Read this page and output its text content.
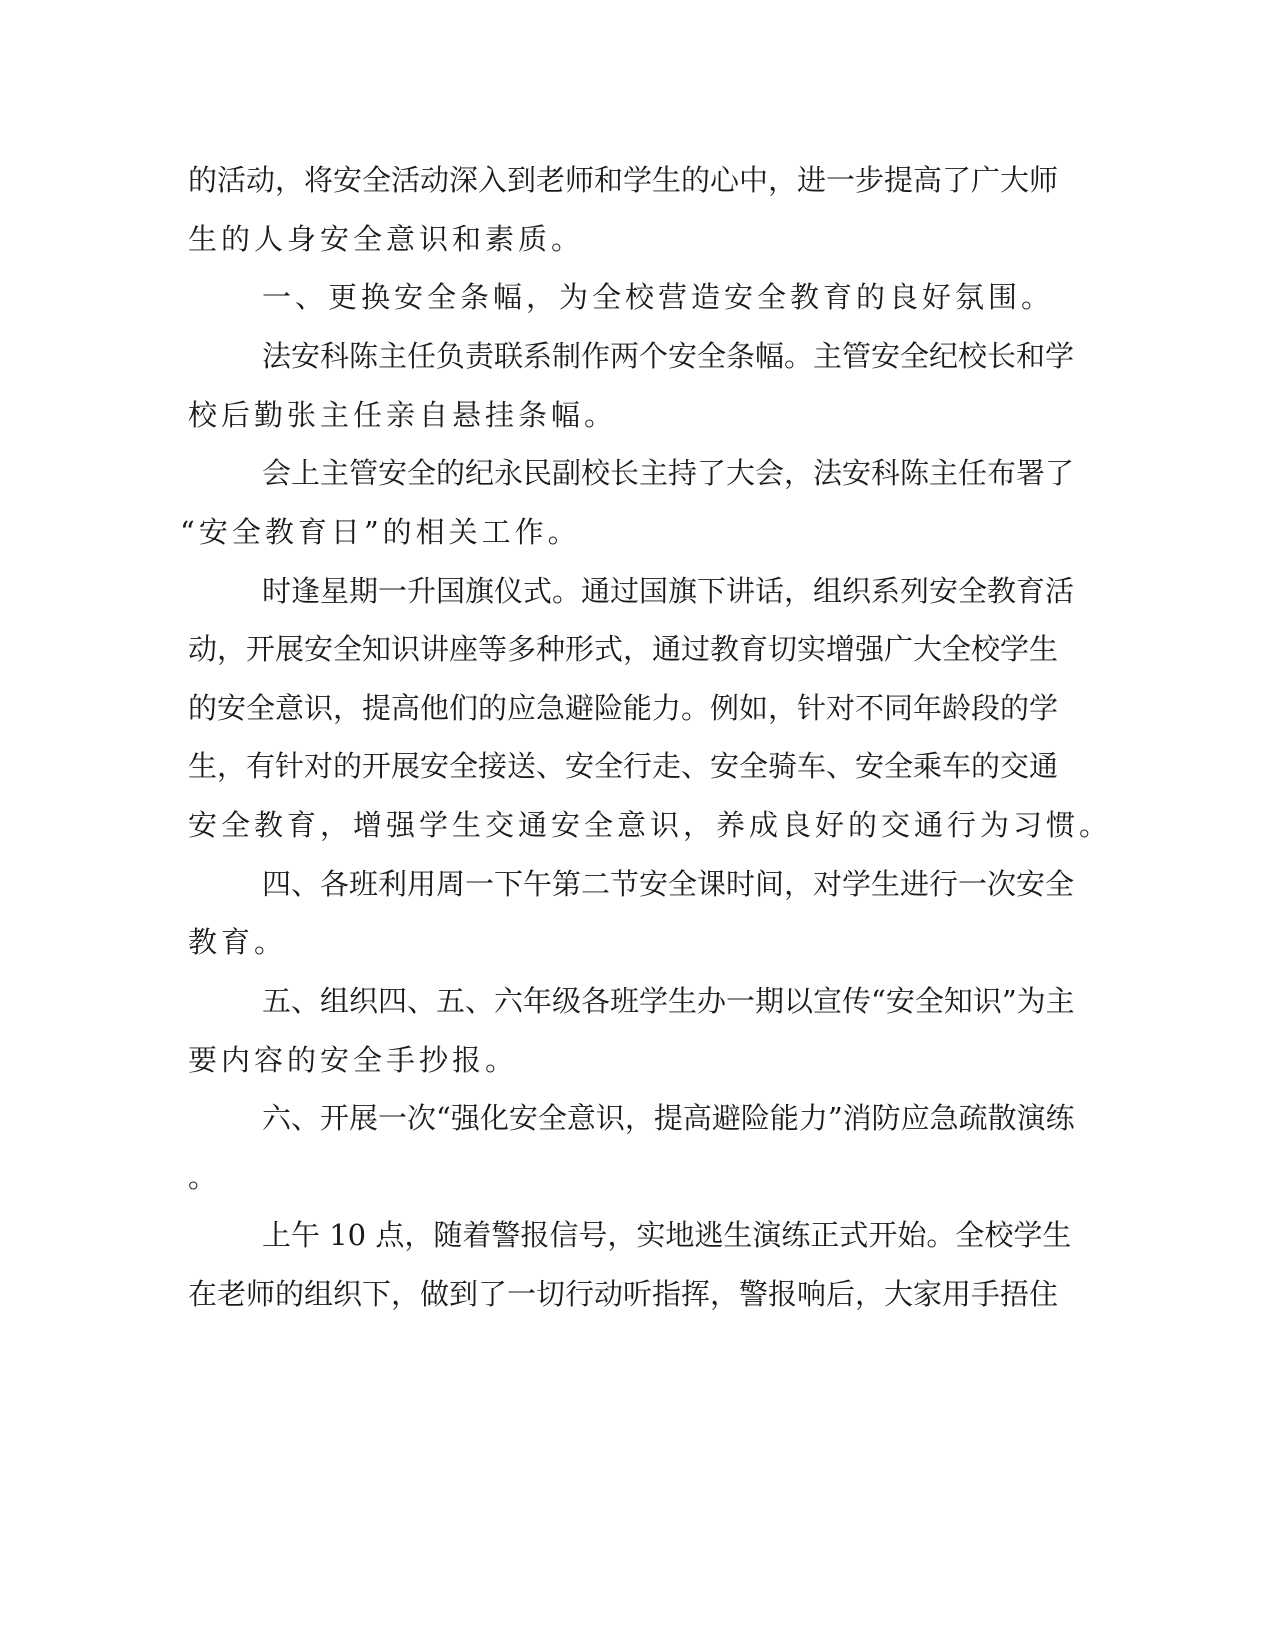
的活动，将安全活动深入到老师和学生的心中，进一步提高了广大师
生的人身安全意识和素质。
一、更换安全条幅，为全校营造安全教育的良好氛围。
法安科陈主任负责联系制作两个安全条幅。主管安全纪校长和学
校后勤张主任亲自悬挂条幅。
会上主管安全的纪永民副校长主持了大会，法安科陈主任布署了
“安全教育日”的相关工作。
时逢星期一升国旗仪式。通过国旗下讲话，组织系列安全教育活
动，开展安全知识讲座等多种形式，通过教育切实增强广大全校学生
的安全意识，提高他们的应急避险能力。例如，针对不同年龄段的学
生，有针对的开展安全接送、安全行走、安全骑车、安全乘车的交通
安全教育，增强学生交通安全意识，养成良好的交通行为习惯。
四、各班利用周一下午第二节安全课时间，对学生进行一次安全
教育。
五、组织四、五、六年级各班学生办一期以宣传“安全知识”为主
要内容的安全手抄报。
六、开展一次“强化安全意识，提高避险能力”消防应急疏散演练
。
上午 10 点，随着警报信号，实地逃生演练正式开始。全校学生
在老师的组织下，做到了一切行动听指挥，警报响后，大家用手捂住
